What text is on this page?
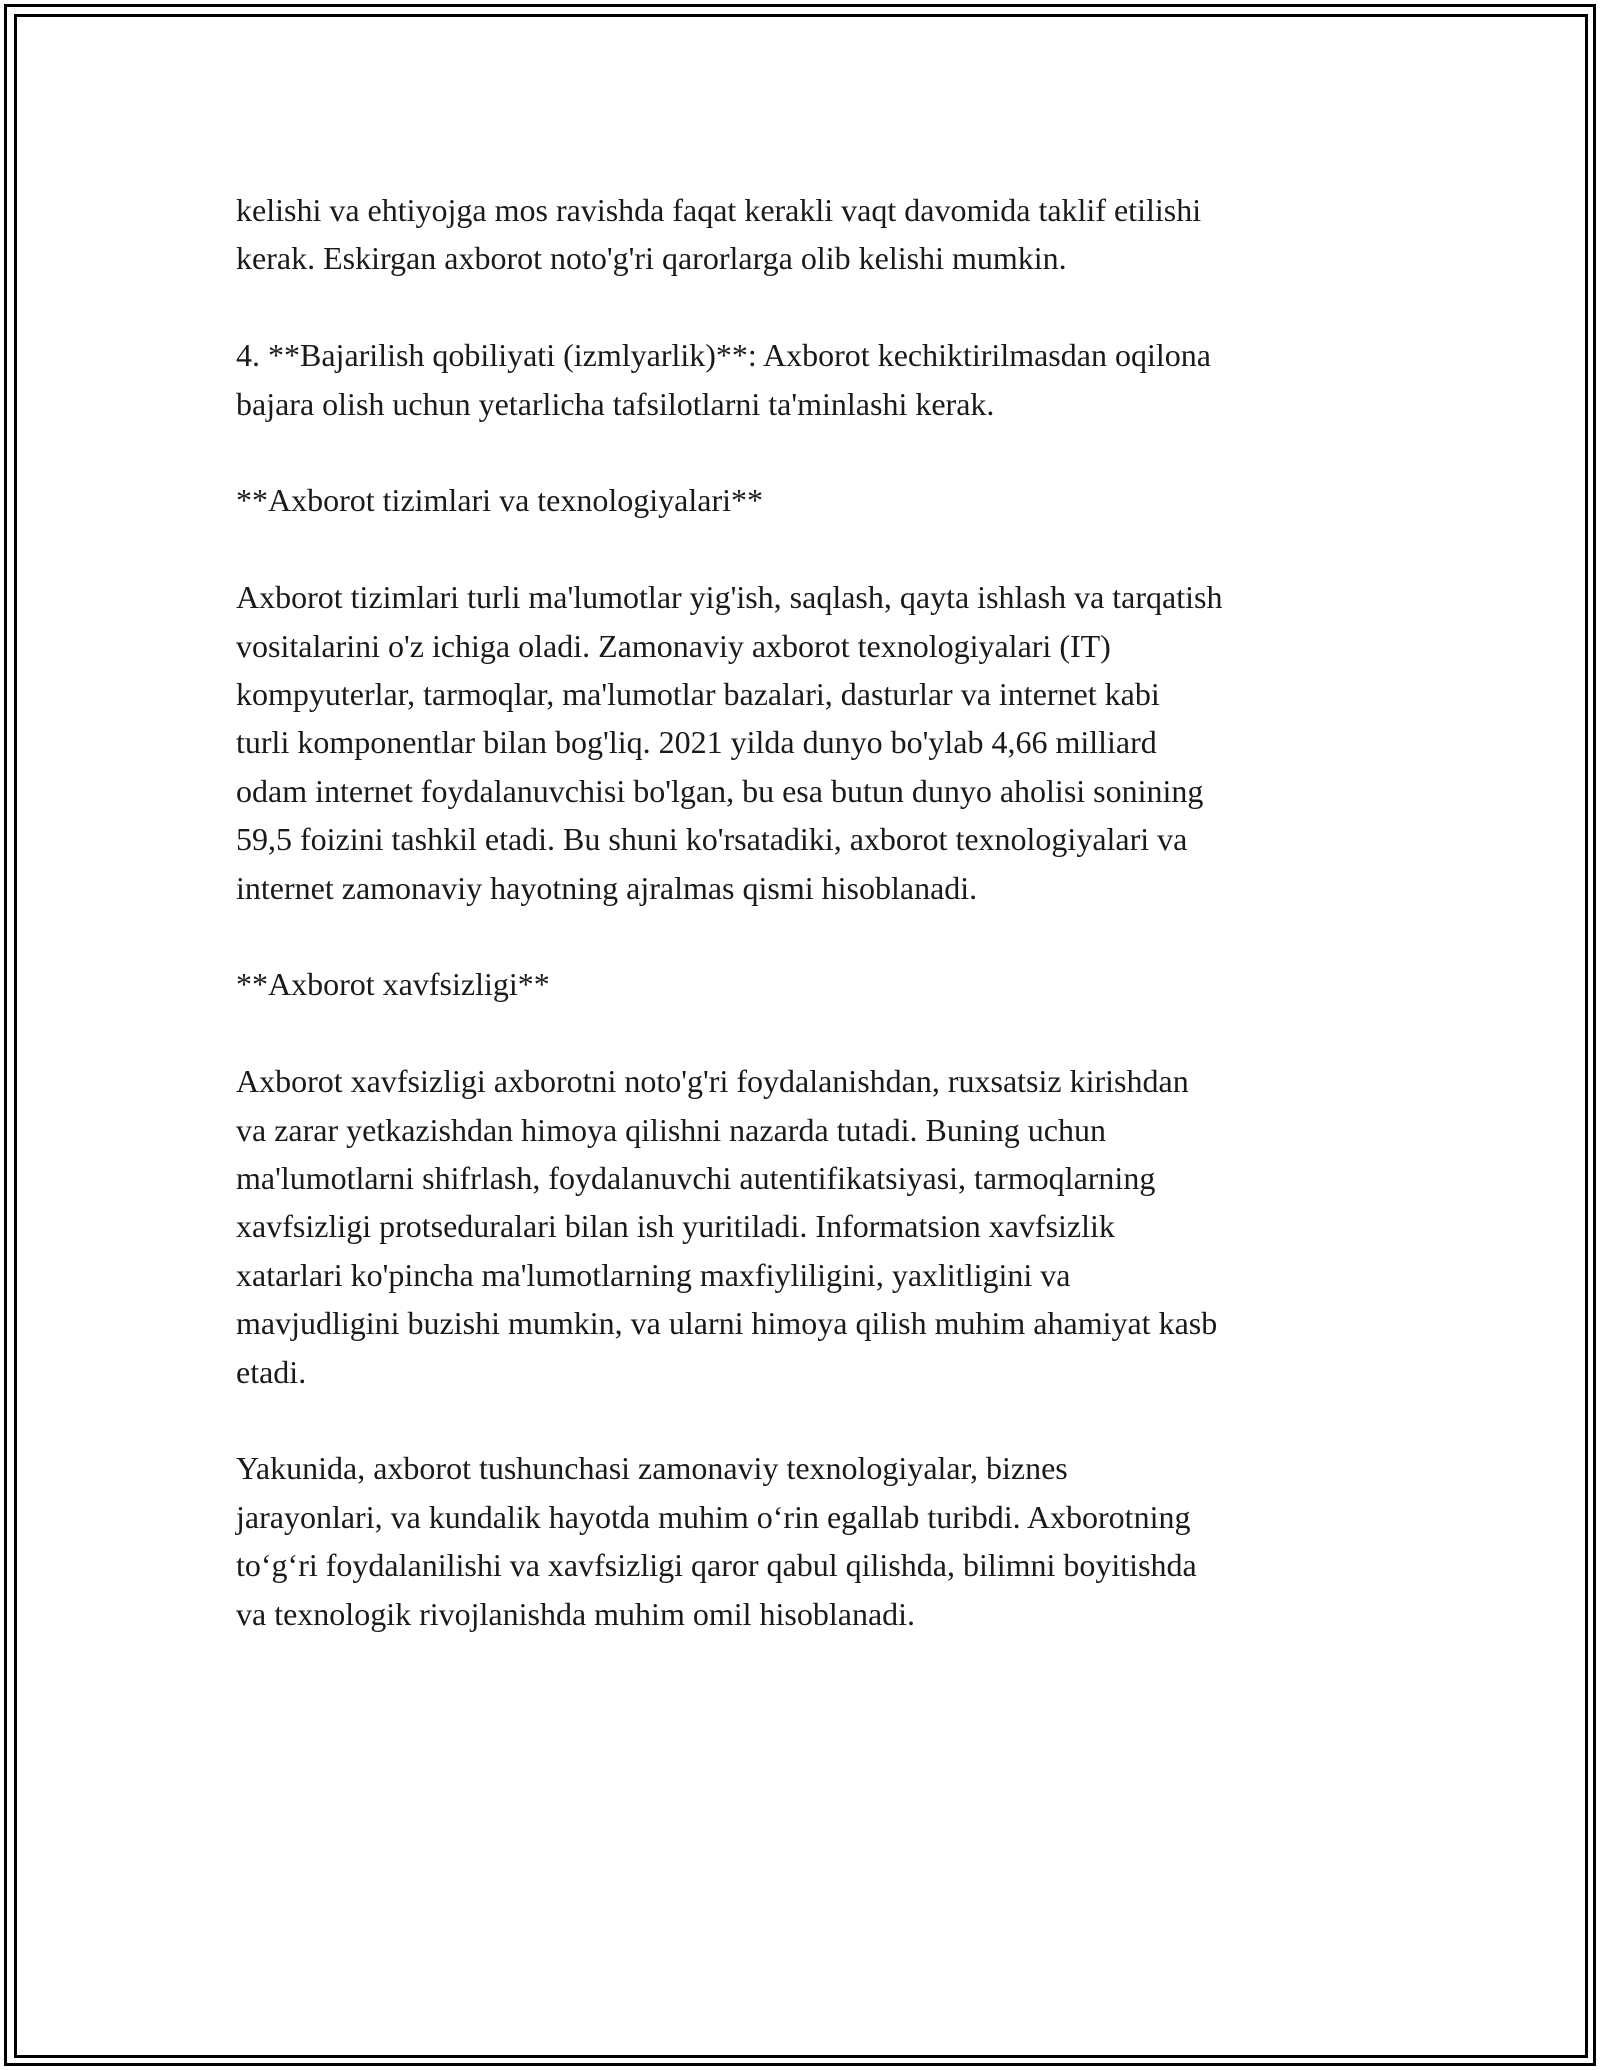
kelishi va ehtiyojga mos ravishda faqat kerakli vaqt davomida taklif etilishi
kerak. Eskirgan axborot noto'g'ri qarorlarga olib kelishi mumkin.

4. **Bajarilish qobiliyati (izmlyarlik)**: Axborot kechiktirilmasdan oqilona
bajara olish uchun yetarlicha tafsilotlarni ta'minlashi kerak.

**Axborot tizimlari va texnologiyalari**

Axborot tizimlari turli ma'lumotlar yig'ish, saqlash, qayta ishlash va tarqatish
vositalarini o'z ichiga oladi. Zamonaviy axborot texnologiyalari (IT)
kompyuterlar, tarmoqlar, ma'lumotlar bazalari, dasturlar va internet kabi
turli komponentlar bilan bog'liq. 2021 yilda dunyo bo'ylab 4,66 milliard
odam internet foydalanuvchisi bo'lgan, bu esa butun dunyo aholisi sonining
59,5 foizini tashkil etadi. Bu shuni ko'rsatadiki, axborot texnologiyalari va
internet zamonaviy hayotning ajralmas qismi hisoblanadi.

**Axborot xavfsizligi**

Axborot xavfsizligi axborotni noto'g'ri foydalanishdan, ruxsatsiz kirishdan
va zarar yetkazishdan himoya qilishni nazarda tutadi. Buning uchun
ma'lumotlarni shifrlash, foydalanuvchi autentifikatsiyasi, tarmoqlarning
xavfsizligi protseduralari bilan ish yuritiladi. Informatsion xavfsizlik
xatarlari ko'pincha ma'lumotlarning maxfiyliligini, yaxlitligini va
mavjudligini buzishi mumkin, va ularni himoya qilish muhim ahamiyat kasb
etadi.

Yakunida, axborot tushunchasi zamonaviy texnologiyalar, biznes
jarayonlari, va kundalik hayotda muhim o‘rin egallab turibdi. Axborotning
to‘g‘ri foydalanilishi va xavfsizligi qaror qabul qilishda, bilimni boyitishda
va texnologik rivojlanishda muhim omil hisoblanadi.
